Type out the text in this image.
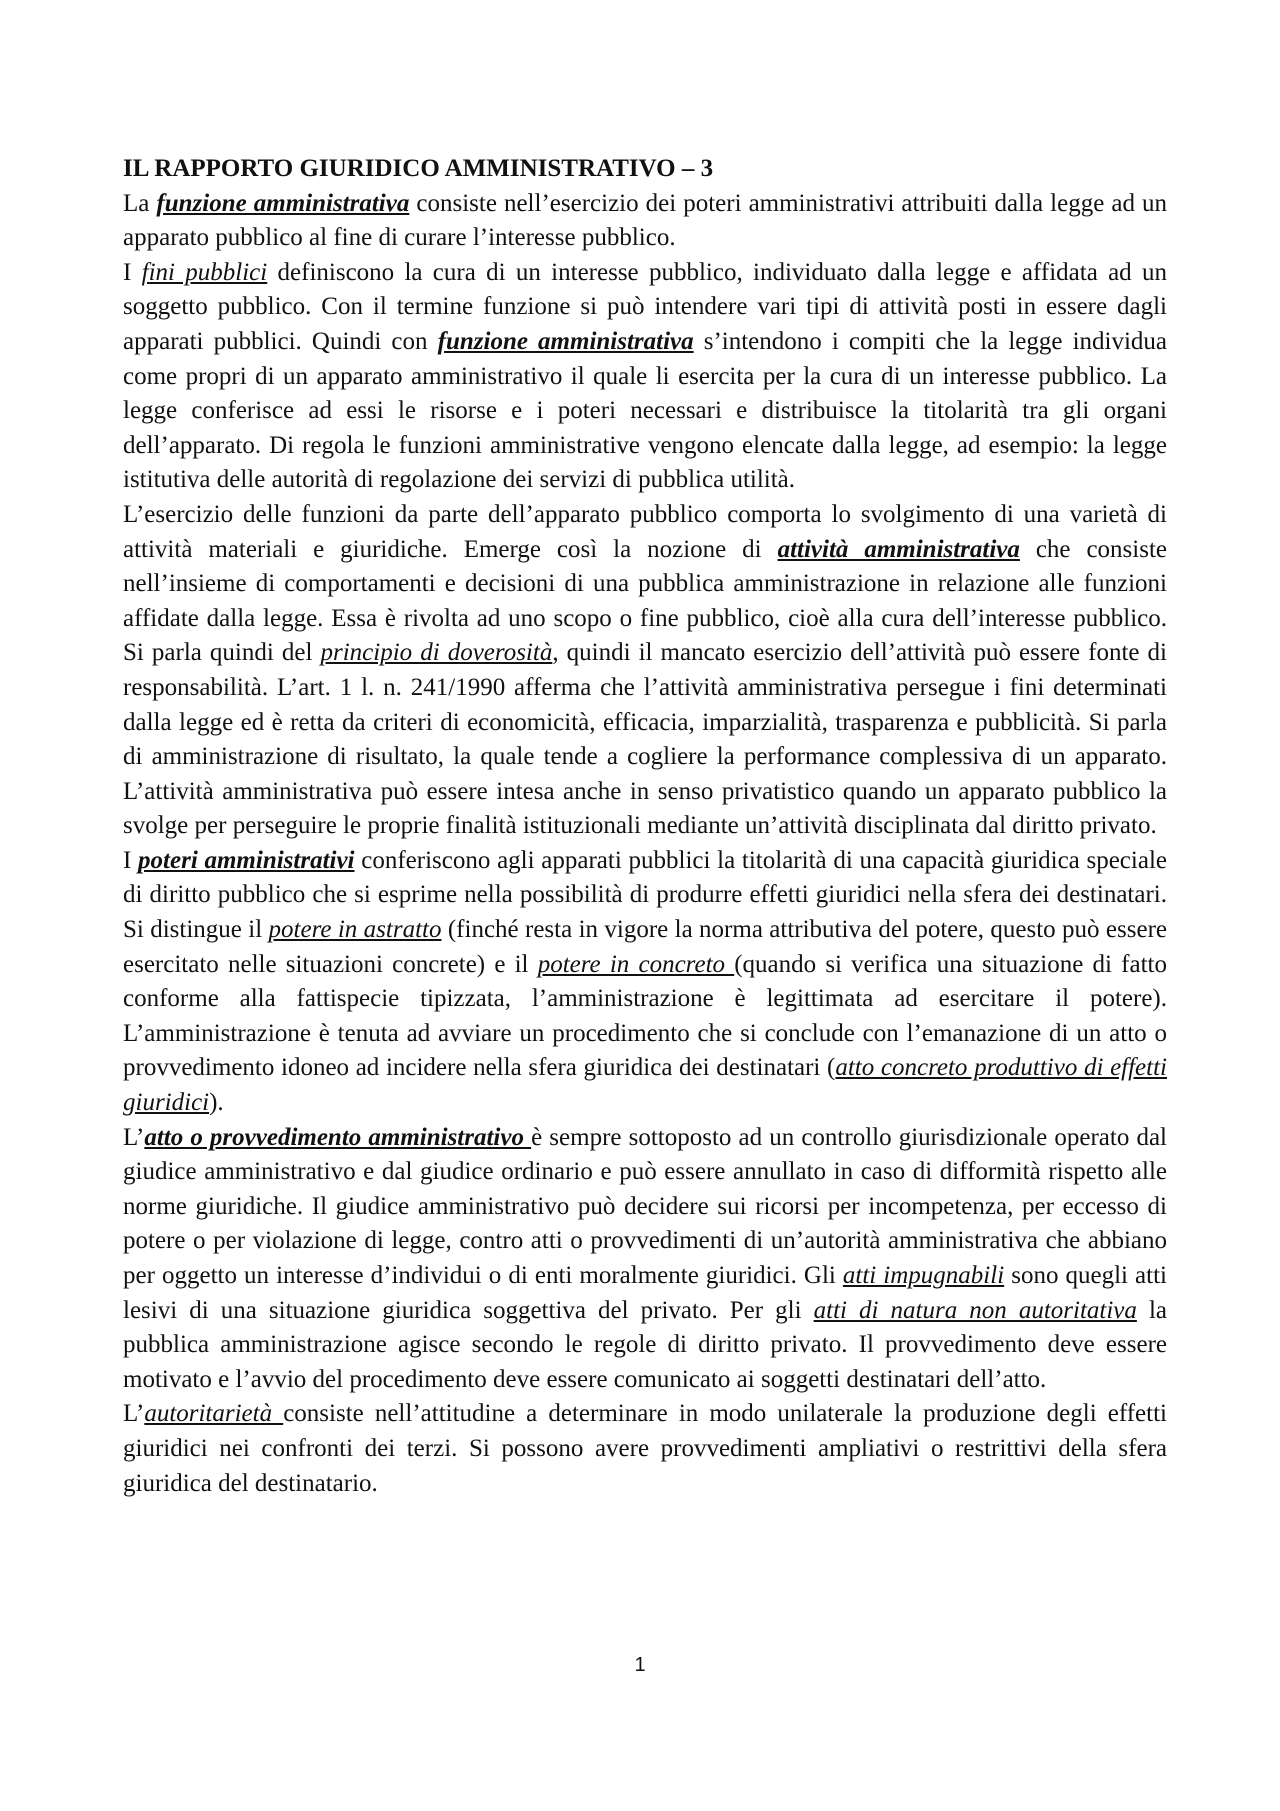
IL RAPPORTO GIURIDICO AMMINISTRATIVO – 3

La funzione amministrativa consiste nell’esercizio dei poteri amministrativi attribuiti dalla legge ad un apparato pubblico al fine di curare l’interesse pubblico.

I fini pubblici definiscono la cura di un interesse pubblico, individuato dalla legge e affidata ad un soggetto pubblico. Con il termine funzione si può intendere vari tipi di attività posti in essere dagli apparati pubblici. Quindi con funzione amministrativa s’intendono i compiti che la legge individua come propri di un apparato amministrativo il quale li esercita per la cura di un interesse pubblico. La legge conferisce ad essi le risorse e i poteri necessari e distribuisce la titolarità tra gli organi dell’apparato. Di regola le funzioni amministrative vengono elencate dalla legge, ad esempio: la legge istitutiva delle autorità di regolazione dei servizi di pubblica utilità.

L’esercizio delle funzioni da parte dell’apparato pubblico comporta lo svolgimento di una varietà di attività materiali e giuridiche. Emerge così la nozione di attività amministrativa che consiste nell’insieme di comportamenti e decisioni di una pubblica amministrazione in relazione alle funzioni affidate dalla legge. Essa è rivolta ad uno scopo o fine pubblico, cioè alla cura dell’interesse pubblico. Si parla quindi del principio di doverosità, quindi il mancato esercizio dell’attività può essere fonte di responsabilità. L’art. 1 l. n. 241/1990 afferma che l’attività amministrativa persegue i fini determinati dalla legge ed è retta da criteri di economicità, efficacia, imparzialità, trasparenza e pubblicità. Si parla di amministrazione di risultato, la quale tende a cogliere la performance complessiva di un apparato. L’attività amministrativa può essere intesa anche in senso privatistico quando un apparato pubblico la svolge per perseguire le proprie finalità istituzionali mediante un’attività disciplinata dal diritto privato.

I poteri amministrativi conferiscono agli apparati pubblici la titolarità di una capacità giuridica speciale di diritto pubblico che si esprime nella possibilità di produrre effetti giuridici nella sfera dei destinatari. Si distingue il potere in astratto (finché resta in vigore la norma attributiva del potere, questo può essere esercitato nelle situazioni concrete) e il potere in concreto (quando si verifica una situazione di fatto conforme alla fattispecie tipizzata, l’amministrazione è legittimata ad esercitare il potere). L’amministrazione è tenuta ad avviare un procedimento che si conclude con l’emanazione di un atto o provvedimento idoneo ad incidere nella sfera giuridica dei destinatari (atto concreto produttivo di effetti giuridici).

L’atto o provvedimento amministrativo è sempre sottoposto ad un controllo giurisdizionale operato dal giudice amministrativo e dal giudice ordinario e può essere annullato in caso di difformità rispetto alle norme giuridiche. Il giudice amministrativo può decidere sui ricorsi per incompetenza, per eccesso di potere o per violazione di legge, contro atti o provvedimenti di un’autorità amministrativa che abbiano per oggetto un interesse d’individui o di enti moralmente giuridici. Gli atti impugnabili sono quegli atti lesivi di una situazione giuridica soggettiva del privato. Per gli atti di natura non autoritativa la pubblica amministrazione agisce secondo le regole di diritto privato. Il provvedimento deve essere motivato e l’avvio del procedimento deve essere comunicato ai soggetti destinatari dell’atto.

L’autoritarietà consiste nell’attitudine a determinare in modo unilaterale la produzione degli effetti giuridici nei confronti dei terzi. Si possono avere provvedimenti ampliativi o restrittivi della sfera giuridica del destinatario.

1
